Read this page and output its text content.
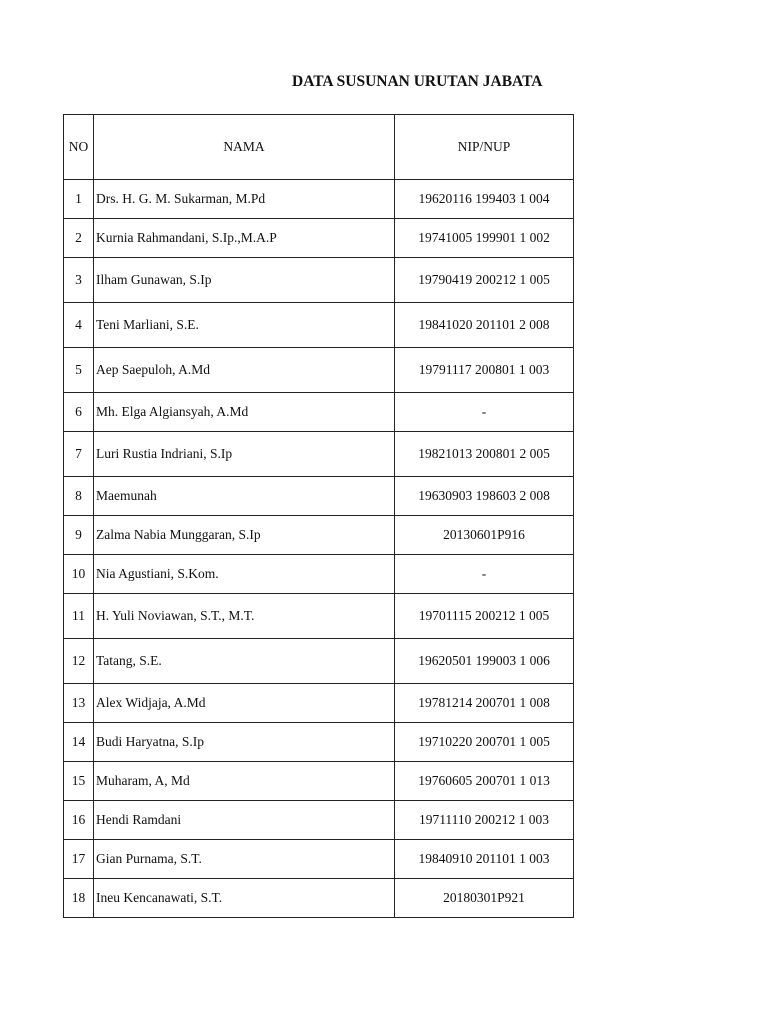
DATA SUSUNAN URUTAN JABATA
NO	NAMA	NIP/NUP
1	Drs. H. G. M. Sukarman, M.Pd	19620116 199403 1 004
2	Kurnia Rahmandani, S.Ip.,M.A.P	19741005 199901 1 002
3	Ilham Gunawan, S.Ip	19790419 200212 1 005
4	Teni Marliani, S.E.	19841020 201101 2 008
5	Aep Saepuloh, A.Md	19791117 200801 1 003
6	Mh. Elga Algiansyah, A.Md	-
7	Luri Rustia Indriani, S.Ip	19821013 200801 2 005
8	Maemunah	19630903 198603 2 008
9	Zalma Nabia Munggaran, S.Ip	20130601P916
10	Nia Agustiani, S.Kom.	-
11	H. Yuli Noviawan, S.T., M.T.	19701115 200212 1 005
12	Tatang, S.E.	19620501 199003 1 006
13	Alex Widjaja, A.Md	19781214 200701 1 008
14	Budi Haryatna, S.Ip	19710220 200701 1 005
15	Muharam, A, Md	19760605 200701 1 013
16	Hendi Ramdani	19711110 200212 1 003
17	Gian Purnama, S.T.	19840910 201101 1 003
18	Ineu Kencanawati, S.T.	20180301P921
